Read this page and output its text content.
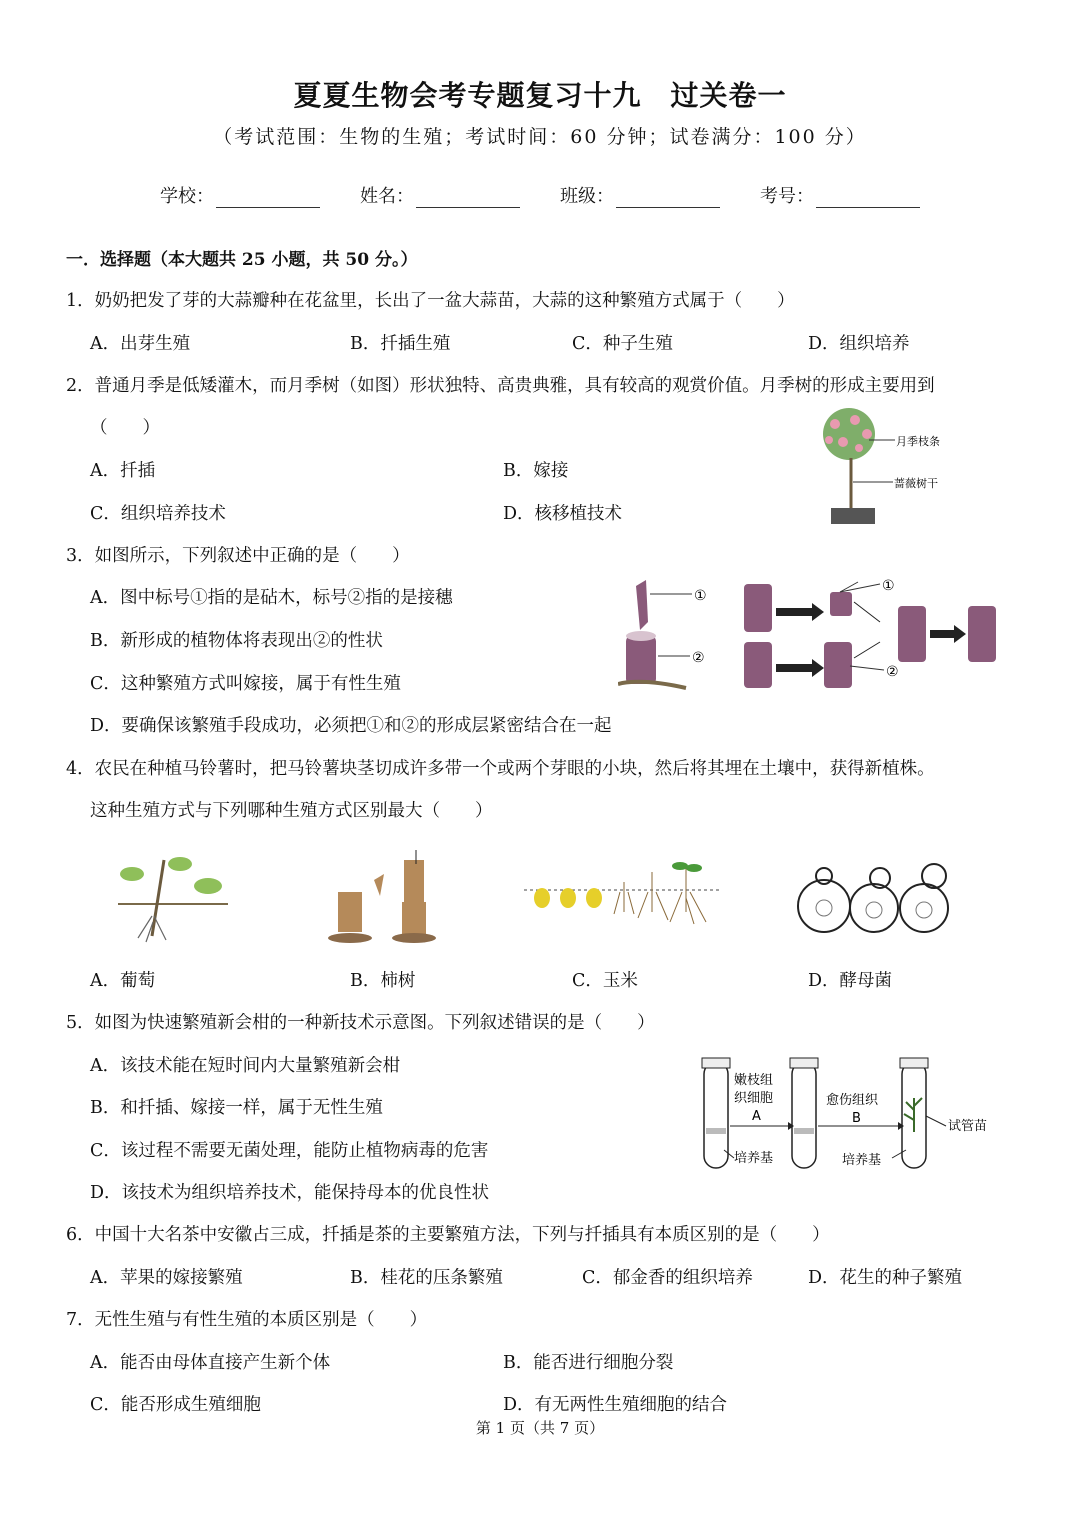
夏夏生物会考专题复习十九　过关卷一
（考试范围：生物的生殖；考试时间：60 分钟；试卷满分：100 分）
学校：	姓名：	班级：	考号：
一．选择题（本大题共 25 小题，共 50 分。）
1．奶奶把发了芽的大蒜瓣种在花盆里，长出了一盆大蒜苗，大蒜的这种繁殖方式属于（　　）
A．出芽生殖	B．扦插生殖	C．种子生殖	D．组织培养
2．普通月季是低矮灌木，而月季树（如图）形状独特、高贵典雅，具有较高的观赏价值。月季树的形成主要用到
（　　）
A．扦插	B．嫁接
C．组织培养技术	D．核移植技术
月季枝条
蔷薇树干
3．如图所示，下列叙述中正确的是（　　）
A．图中标号①指的是砧木，标号②指的是接穗
B．新形成的植物体将表现出②的性状
C．这种繁殖方式叫嫁接，属于有性生殖
D．要确保该繁殖手段成功，必须把①和②的形成层紧密结合在一起
①
②
①
②
4．农民在种植马铃薯时，把马铃薯块茎切成许多带一个或两个芽眼的小块，然后将其埋在土壤中，获得新植株。
这种生殖方式与下列哪种生殖方式区别最大（　　）
A．葡萄	B．柿树	C．玉米	D．酵母菌
5．如图为快速繁殖新会柑的一种新技术示意图。下列叙述错误的是（　　）
A．该技术能在短时间内大量繁殖新会柑
B．和扦插、嫁接一样，属于无性生殖
C．该过程不需要无菌处理，能防止植物病毒的危害
D．该技术为组织培养技术，能保持母本的优良性状
嫩枝组
织细胞
A
愈伤组织
B
试管苗
培养基	培养基
6．中国十大名茶中安徽占三成，扦插是茶的主要繁殖方法，下列与扦插具有本质区别的是（　　）
A．苹果的嫁接繁殖	B．桂花的压条繁殖	C．郁金香的组织培养	D．花生的种子繁殖
7．无性生殖与有性生殖的本质区别是（　　）
A．能否由母体直接产生新个体	B．能否进行细胞分裂
C．能否形成生殖细胞	D．有无两性生殖细胞的结合
第 1 页（共 7 页）
